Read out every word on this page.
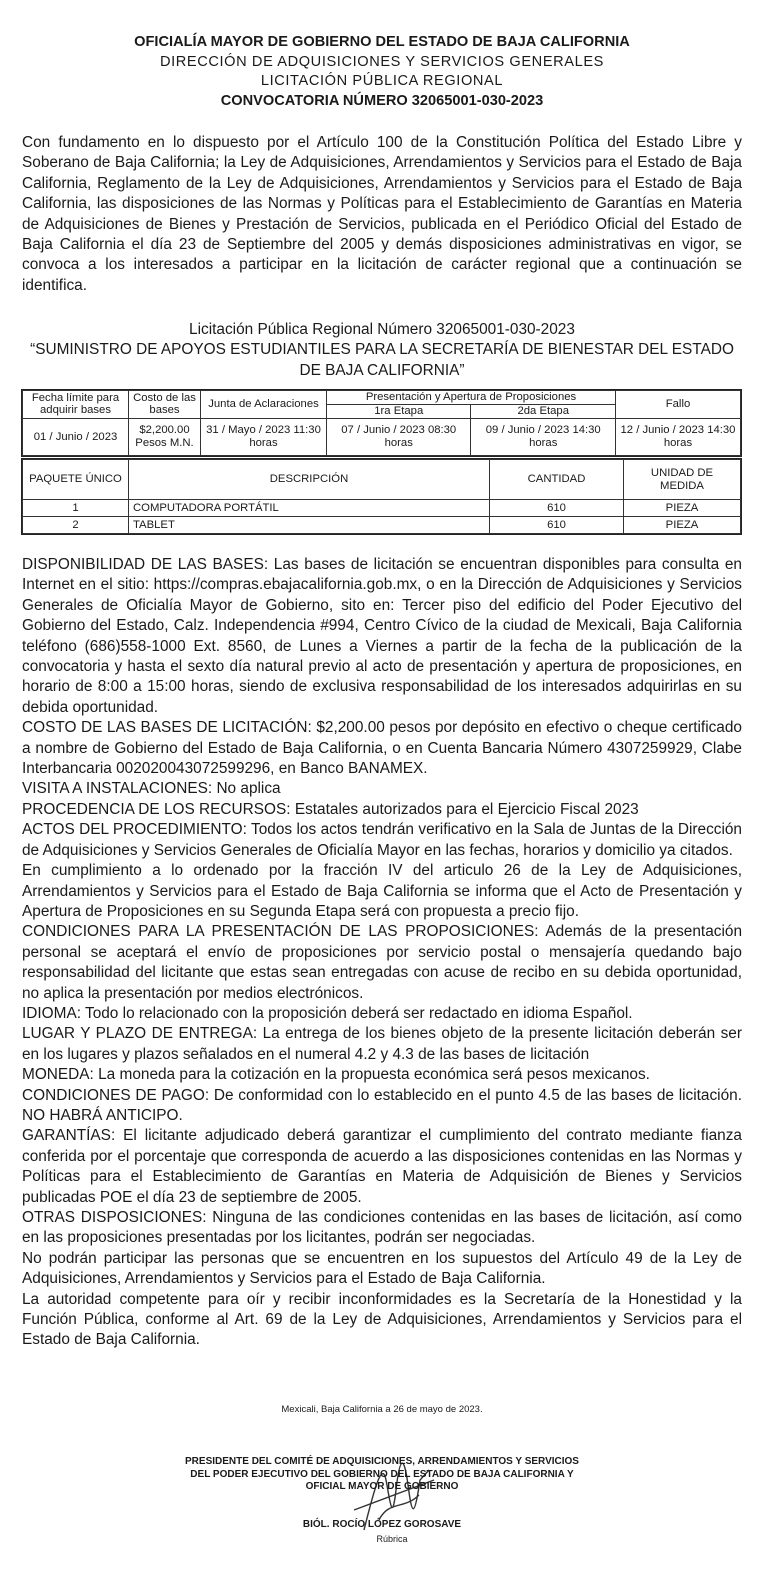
OFICIALÍA MAYOR DE GOBIERNO DEL ESTADO DE BAJA CALIFORNIA
DIRECCIÓN DE ADQUISICIONES Y SERVICIOS GENERALES
LICITACIÓN PÚBLICA REGIONAL
CONVOCATORIA NÚMERO 32065001-030-2023
Con fundamento en lo dispuesto por el Artículo 100 de la Constitución Política del Estado Libre y Soberano de Baja California; la Ley de Adquisiciones, Arrendamientos y Servicios para el Estado de Baja California, Reglamento de la Ley de Adquisiciones, Arrendamientos y Servicios para el Estado de Baja California, las disposiciones de las Normas y Políticas para el Establecimiento de Garantías en Materia de Adquisiciones de Bienes y Prestación de Servicios, publicada en el Periódico Oficial del Estado de Baja California el día 23 de Septiembre del 2005 y demás disposiciones administrativas en vigor, se convoca a los interesados a participar en la licitación de carácter regional que a continuación se identifica.
Licitación Pública Regional Número 32065001-030-2023
“SUMINISTRO DE APOYOS ESTUDIANTILES PARA LA SECRETARÍA DE BIENESTAR DEL ESTADO DE BAJA CALIFORNIA”
Fecha límite para adquirir bases	Costo de las bases	Junta de Aclaraciones	Presentación y Apertura de Proposiciones		Fallo
			1ra Etapa	2da Etapa	
01 / Junio / 2023	$2,200.00 Pesos M.N.	31 / Mayo / 2023 11:30 horas	07 / Junio / 2023 08:30 horas	09 / Junio / 2023 14:30 horas	12 / Junio / 2023 14:30 horas
PAQUETE ÚNICO	DESCRIPCIÓN	CANTIDAD	UNIDAD DE MEDIDA
1	COMPUTADORA PORTÁTIL	610	PIEZA
2	TABLET	610	PIEZA

DISPONIBILIDAD DE LAS BASES: Las bases de licitación se encuentran disponibles para consulta en Internet en el sitio: https://compras.ebajacalifornia.gob.mx, o en la Dirección de Adquisiciones y Servicios Generales de Oficialía Mayor de Gobierno, sito en: Tercer piso del edificio del Poder Ejecutivo del Gobierno del Estado, Calz. Independencia #994, Centro Cívico de la ciudad de Mexicali, Baja California teléfono (686)558-1000 Ext. 8560, de Lunes a Viernes a partir de la fecha de la publicación de la convocatoria y hasta el sexto día natural previo al acto de presentación y apertura de proposiciones, en horario de 8:00 a 15:00 horas, siendo de exclusiva responsabilidad de los interesados adquirirlas en su debida oportunidad.

COSTO DE LAS BASES DE LICITACIÓN: $2,200.00 pesos por depósito en efectivo o cheque certificado a nombre de Gobierno del Estado de Baja California, o en Cuenta Bancaria Número 4307259929, Clabe Interbancaria 002020043072599296, en Banco BANAMEX.

VISITA A INSTALACIONES: No aplica

PROCEDENCIA DE LOS RECURSOS: Estatales autorizados para el Ejercicio Fiscal 2023

ACTOS DEL PROCEDIMIENTO: Todos los actos tendrán verificativo en la Sala de Juntas de la Dirección de Adquisiciones y Servicios Generales de Oficialía Mayor en las fechas, horarios y domicilio ya citados.

En cumplimiento a lo ordenado por la fracción IV del articulo 26 de la Ley de Adquisiciones, Arrendamientos y Servicios para el Estado de Baja California se informa que el Acto de Presentación y Apertura de Proposiciones en su Segunda Etapa será con propuesta a precio fijo.

CONDICIONES PARA LA PRESENTACIÓN DE LAS PROPOSICIONES: Además de la presentación personal se aceptará el envío de proposiciones por servicio postal o mensajería quedando bajo responsabilidad del licitante que estas sean entregadas con acuse de recibo en su debida oportunidad, no aplica la presentación por medios electrónicos.

IDIOMA: Todo lo relacionado con la proposición deberá ser redactado en idioma Español.

LUGAR Y PLAZO DE ENTREGA: La entrega de los bienes objeto de la presente licitación deberán ser en los lugares y plazos señalados en el numeral 4.2 y 4.3 de las bases de licitación

MONEDA: La moneda para la cotización en la propuesta económica será pesos mexicanos.

CONDICIONES DE PAGO: De conformidad con lo establecido en el punto 4.5 de las bases de licitación. NO HABRÁ ANTICIPO.

GARANTÍAS: El licitante adjudicado deberá garantizar el cumplimiento del contrato mediante fianza conferida por el porcentaje que corresponda de acuerdo a las disposiciones contenidas en las Normas y Políticas para el Establecimiento de Garantías en Materia de Adquisición de Bienes y Servicios publicadas POE el día 23 de septiembre de 2005.

OTRAS DISPOSICIONES: Ninguna de las condiciones contenidas en las bases de licitación, así como en las proposiciones presentadas por los licitantes, podrán ser negociadas.

No podrán participar las personas que se encuentren en los supuestos del Artículo 49 de la Ley de Adquisiciones, Arrendamientos y Servicios para el Estado de Baja California.

La autoridad competente para oír y recibir inconformidades es la Secretaría de la Honestidad y la Función Pública, conforme al Art. 69 de la Ley de Adquisiciones, Arrendamientos y Servicios para el Estado de Baja California.

Mexicali, Baja California a 26 de mayo de 2023.
PRESIDENTE DEL COMITÉ DE ADQUISICIONES, ARRENDAMIENTOS Y SERVICIOS
DEL PODER EJECUTIVO DEL GOBIERNO DEL ESTADO DE BAJA CALIFORNIA Y
OFICIAL MAYOR DE GOBIERNO
BIÓL. ROCÍO LÓPEZ GOROSAVE
Rúbrica
